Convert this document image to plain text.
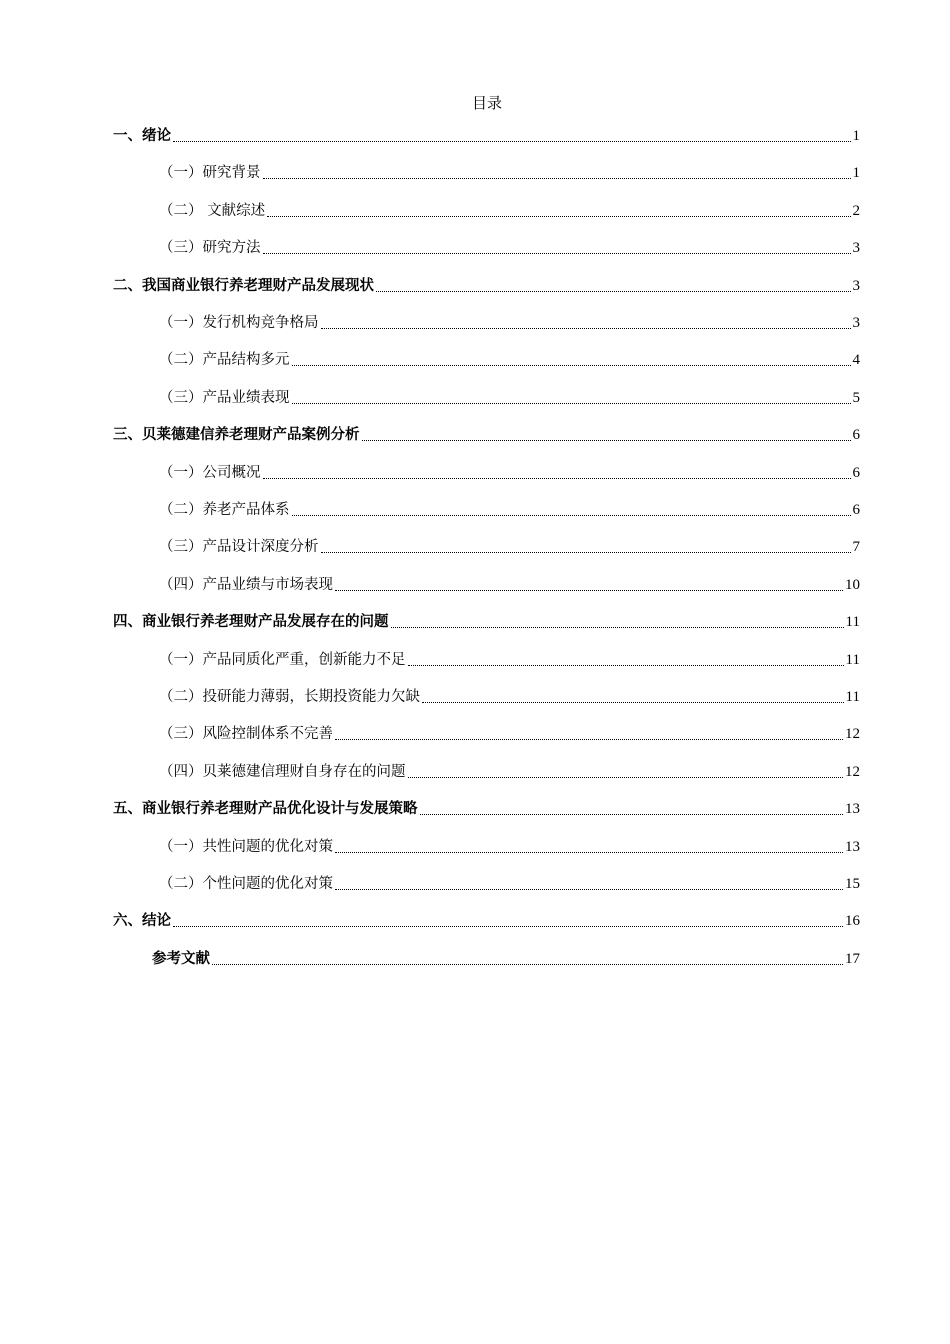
目录
一、绪论	1
（一）研究背景	1
（二） 文献综述	2
（三）研究方法	3
二、我国商业银行养老理财产品发展现状	3
（一）发行机构竞争格局	3
（二）产品结构多元	4
（三）产品业绩表现	5
三、贝莱德建信养老理财产品案例分析	6
（一）公司概况	6
（二）养老产品体系	6
（三）产品设计深度分析	7
（四）产品业绩与市场表现	10
四、商业银行养老理财产品发展存在的问题	11
（一）产品同质化严重，创新能力不足	11
（二）投研能力薄弱，长期投资能力欠缺	11
（三）风险控制体系不完善	12
（四）贝莱德建信理财自身存在的问题	12
五、商业银行养老理财产品优化设计与发展策略	13
（一）共性问题的优化对策	13
（二）个性问题的优化对策	15
六、结论	16
参考文献	17
